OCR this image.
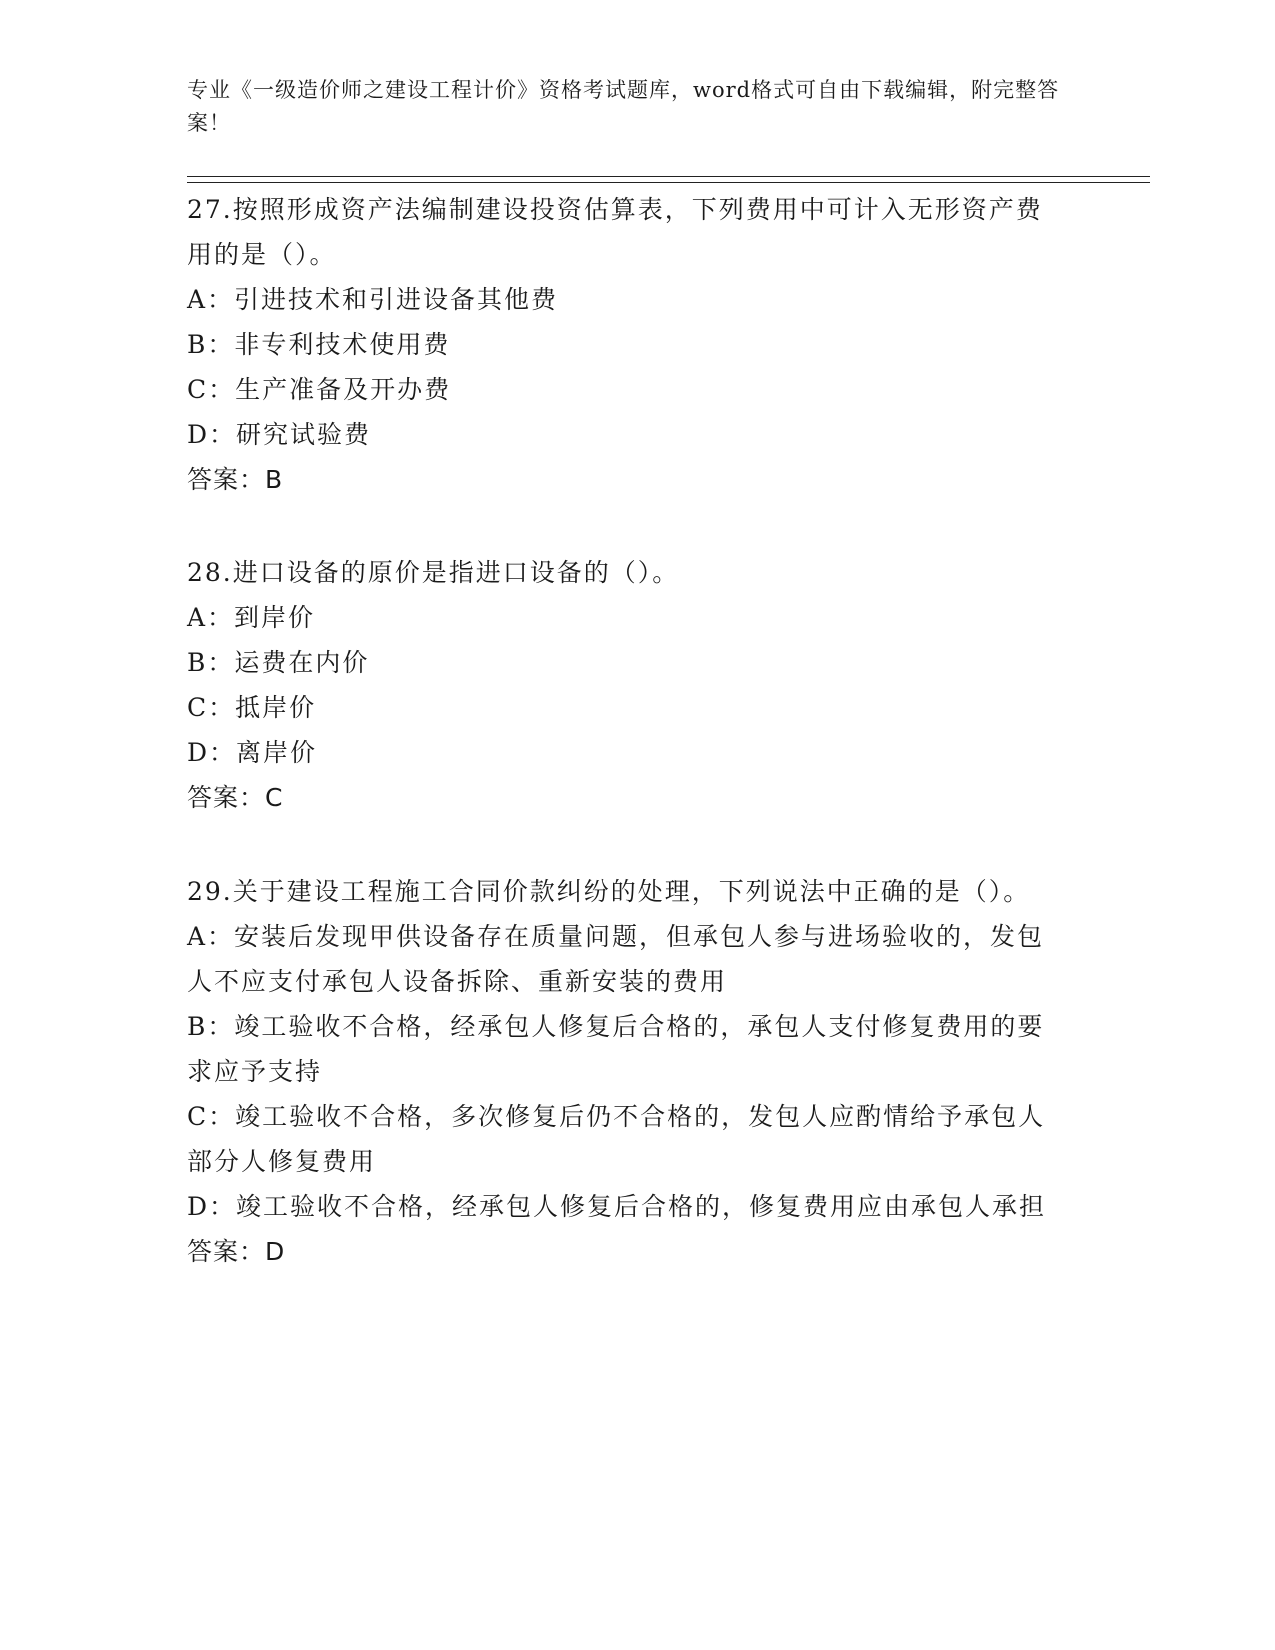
专业《一级造价师之建设工程计价》资格考试题库，word格式可自由下载编辑，附完整答案！

27.按照形成资产法编制建设投资估算表，下列费用中可计入无形资产费用的是（）。

A：引进技术和引进设备其他费

B：非专利技术使用费

C：生产准备及开办费

D：研究试验费

答案：B

28.进口设备的原价是指进口设备的（）。

A：到岸价

B：运费在内价

C：抵岸价

D：离岸价

答案：C

29.关于建设工程施工合同价款纠纷的处理，下列说法中正确的是（）。

A：安装后发现甲供设备存在质量问题，但承包人参与进场验收的，发包人不应支付承包人设备拆除、重新安装的费用

B：竣工验收不合格，经承包人修复后合格的，承包人支付修复费用的要求应予支持

C：竣工验收不合格，多次修复后仍不合格的，发包人应酌情给予承包人部分人修复费用

D：竣工验收不合格，经承包人修复后合格的，修复费用应由承包人承担

答案：D
